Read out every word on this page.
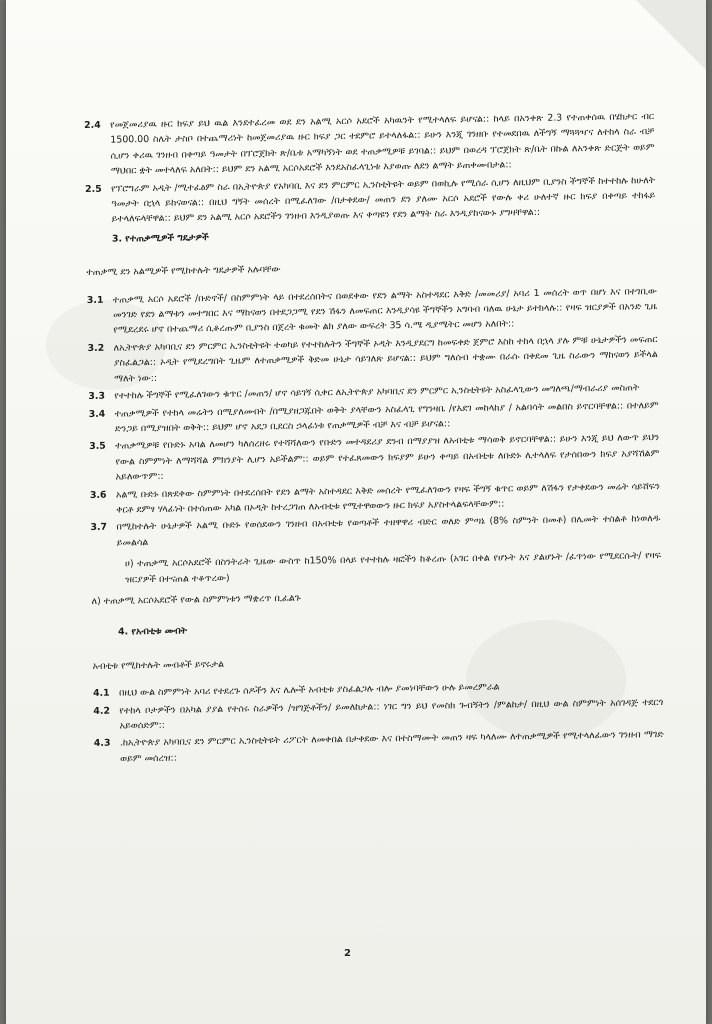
2.4 የመጀመሪያዉ ዙር ክፍያ ይህ ዉል እንደተፈረመ ወደ ደን አልሚ አርሶ አደሮች አካዉንት የሚተላለፍ ይሆናል:: ከላይ በአንቀጽ 2.3 የተጠቀሰዉ በሄክታር ብር 1500.00 ስሌት ታስቦ በተጨማሪነት ከመጀመሪያዉ ዙር ክፍያ ጋር ተደምሮ ይተላለፋል:: ይሁን እንጂ ገንዘቡ የተመደበዉ ለችግኝ ማጓጓዣና ለተከላ ስራ ብቻ ሲሆን ቀሪዉ ገንዘብ በቀጣይ ዓመታት በፕሮጀክት ጽ/ቤቱ አማካኝነት ወደ ተጠቃሚዎቹ ይገባል:: ይህም በወረዳ ፕሮጀክት ጽ/ቤት በኩል ለአንቀጽ ድርጅት ወይም ማህበር ቋት መተላለፍ አለበት:: ይህም ደን አልሚ አርሶአደሮች እንደአስፈላጊነቱ እያወጡ ለደን ልማት ይጠቀሙበታል::
2.5 የፕሮግራም አዲት /ሚተፈፅም ስራ በኢትዮጵያ የአካባቢ እና ደን ምርምር ኢንስቲትዩት ወይም በወኪሉ የሚሰራ ሲሆን ለዚህም ቢያንስ ችግኞች ከተተከሉ ከሁለት ዓመታት በኋላ ይከናወናል:: በዚህ ግኝት መሰረት በሚፈለገው /በታቀደው/ መጠን ደን ያለሙ አርሶ አደሮች የውሉ ቀሪ ሁለተኛ ዙር ክፍያ በቀጣይ ተከፋይ ይተላለፍላቸዋል:: ይህም ደን አልሚ አርሶ አደሮችን ገንዘብ እንዲያወጡ እና ቀጣዩን የደን ልማት ስራ እንዲያከናውኑ ያግዛቸዋል::
3. የተጠቃሚዎች ግዴታዎች
ተጠቃሚ ደን አልሚዎች የሚከተሉት ግዴታዎች አሉባቸው
3.1 ተጠቃሚ አርሶ አደሮች /ቡድኖች/ በስምምነት ላይ በተደረሰበትና በወደቀው የደን ልማት አስተዳደር እቅድ /መመሪያ/ አባሪ 1 መሰረት ወጥ በሆነ እና በተገቢው መንገድ የደን ልማቱን መተግበር እና ማከናወን በተደጋጋሚ የደን ሽፋን ለመፍጠር እንዲያሳዩ ችግኞችን አግባብ ባለዉ ሁኔታ ይተክላሉ:: የዛፍ ዝርያዎች በአንድ ጊዜ የሚደረደሩ ሆኖ በተጨማሪ ሲቆረጡም ቢያንስ በጀረት ቁመት ልክ ያለው ውፍረት 35 ሳ.ሜ ዲያሜትር መሆን አለበት::
3.2 ለኢትዮጵያ አካባቢና ደን ምርምር ኢንስቲትዩት ተወካይ የተተከሉትን ችግኞች ኦዲት እንዲያደርግ ከመፍቀድ ጀምሮ እስከ ተከላ በኋላ ያሉ ምቹ ሁኔታዎችን መፍጠር ያስፈልጋል:: ኦዲት የሚደረግበት ጊዜም ለተጠቃሚዎች ቅድመ ሁኔታ ሳይገለጽ ይሆናል:: ይህም ግለሰብ ተቋሙ በራሱ በቀደመ ጊዜ ስራውን ማከናወን ይችላል ማለት ነው::
3.3 የተተከሉ ችግኞች የሚፈለገውን ቁጥር /መጠን/ ሆኖ ሳይገኝ ሲቀር ለኢትዮጵያ አካባቢና ደን ምርምር ኢንስቲትዩት አስፈላጊውን መግለጫ/ማብራሪያ መስጠት
3.4 ተጠቃሚዎች የተከላ መሬትን በሚያለሙበት /በሚያዘጋጁበት ወቅት ያላቸውን አስፈላጊ የግንዛቤ /የእደገ መከላከያ / አልባሳት መልበስ ይኖርባቸዋል:: በተለይም ድንጋይ በሚያዝበት ወቅት:: ይህም ሆኖ አደጋ ቢደርስ ኃላፊነቱ የጠቃሚዎች ብቻ እና ብቻ ይሆናል::
3.5 ተጠቃሚዎቹ የቡድኑ አባል ለመሆን ካለሰረዘሩ የተሻሻለውን የቡድን መተዳደሪያ ደንብ በማያያዝ ለአብቲቱ ማሳወቅ ይኖርባቸዋል:: ይሁን እንጂ ይህ ለውጥ ይህን የውል ስምምነት ለማሻሻል ምክንያት ሊሆን አይችልም:: ወይም የተፈጸመውን ክፍያም ይሁን ቀጣይ በአብቲቱ ለቡድኑ ሊተላለፍ የታሰበውን ክፍያ አያሻሽልም አይለውጥም::
3.6 አልሚ ቡድኑ በጽደቀው ስምምነት በተደረሰበት የደን ልማት አስተዳደር እቅድ መሰረት የሚፈለገውን የዛፍ ችግኝ ቁጥር ወይም ለሽፋን የታቀደውን መሬት ሳይሸፍን ቀርቶ ደምፃ ሃላፊነት በተሰጠው አካል በኦዲት ከተረጋገጠ ለአብቲቱ የሚተዋወውን ዙር ክፍያ አያስተላልፍላቸውም::
3.7 በሚከተሉት ሁኔታዎች አልሚ ቡድኑ የወሰደውን ገንዘብ በአብቲቱ የወጣቶች ተዘዋዋሪ ብድር ወለድ ምጣኔ (8% ስምንት በመቶ) በሌመት ተሰልቶ ከነወለዱ ይመልሳል
ሀ) ተጠቃሚ አርሶአደሮች በስንትራት ጊዜው ውስጥ ከ150% በላይ የተተከሉ ዛፎችን ከቆረጡ (አገር በቀል የሆኑት እና ያልሆኑት /ፈጥነው የሚደርሱት/ የዛፍ ዝርያዎች በተናጠል ተቆጥረው)
ለ) ተጠቃሚ አርሶአደሮች የውል ስምምነቱን ማቋረጥ ቢፈልጉ
4. የአብቲቱ መብት
አብቲቱ የሚከተሉት መብቶች ይኖሩታል
4.1 በዚህ ውል ስምምነት አባሪ የተደረጉ ሰዶችን እና ሌሎች አብቲቱ ያስፈልጋሉ ብሎ ያመነባቸውን ሁሉ ይመረምራል
4.2 የተከላ ቦታዎችን በአካል ያያል የተሰሩ ስራዎችን /ዝግጅቶችን/ ይመለከታል:: ነገር ግን ይህ የመስክ ጉብኝትን /ምልከታ/ በዚህ ውል ስምምነት አሰገዳጅ ተደርጎ አይወሰድም::
4.3 .ከኢትዮጵያ አካባቢና ደን ምርምር ኢንስቲትዩት ሪፖርት ለመቀበል በታቀደው እና በተስማሙት መጠን ዛፍ ካላለሙ ለተጠቃሚዎች የሚተላለፈውን ገንዘብ ማገድ ወይም መሰረዝ::
2
